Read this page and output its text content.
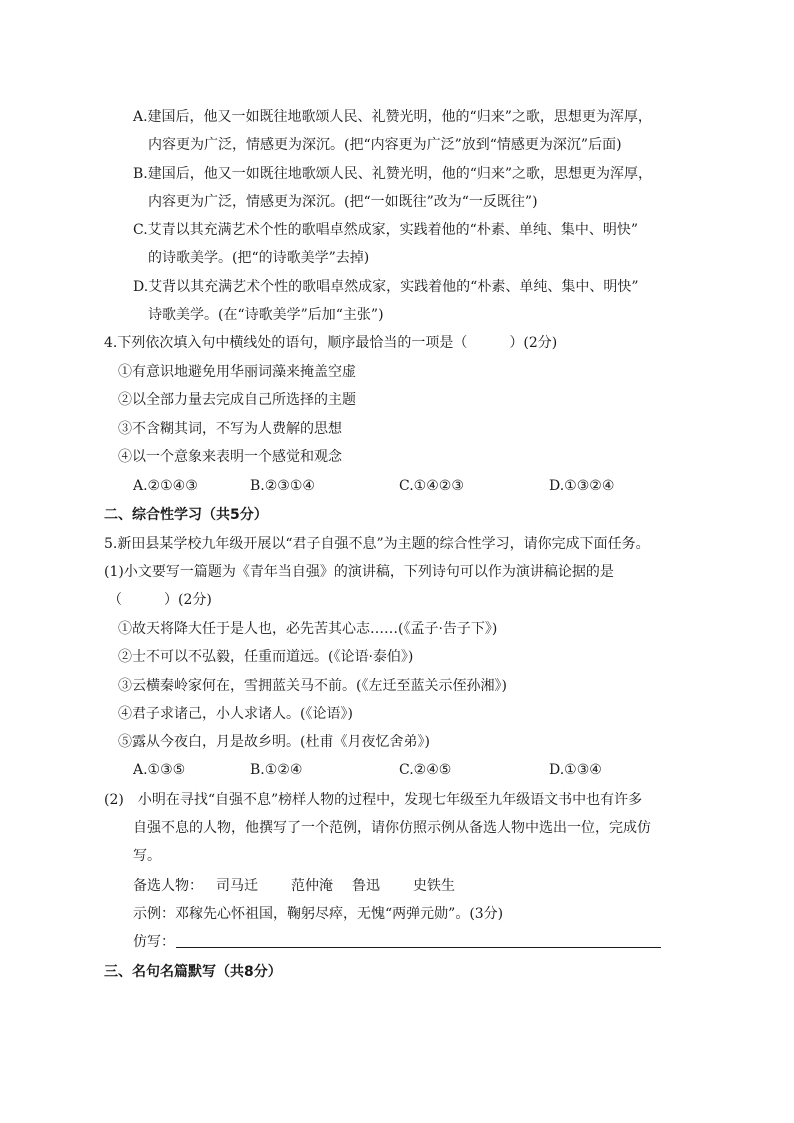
A.建国后，他又一如既往地歌颂人民、礼赞光明，他的“归来”之歌，思想更为浑厚，
内容更为广泛，情感更为深沉。(把“内容更为广泛”放到“情感更为深沉”后面)
B.建国后，他又一如既往地歌颂人民、礼赞光明，他的“归来”之歌，思想更为浑厚，
内容更为广泛，情感更为深沉。(把“一如既往”改为“一反既往”)
C.艾青以其充满艺术个性的歌唱卓然成家，实践着他的“朴素、单纯、集中、明快”
的诗歌美学。(把“的诗歌美学”去掉)
D.艾背以其充满艺术个性的歌唱卓然成家，实践着他的“朴素、单纯、集中、明快”
诗歌美学。(在“诗歌美学”后加“主张”)
4.下列依次填入句中横线处的语句，顺序最恰当的一项是（　　　）(2分)
①有意识地避免用华丽词藻来掩盖空虚
②以全部力量去完成自己所选择的主题
③不含糊其词，不写为人费解的思想
④以一个意象来表明一个感觉和观念
A.②①④③	B.②③①④	C.①④②③	D.①③②④
二、综合性学习（共5分）
5.新田县某学校九年级开展以“君子自强不息”为主题的综合性学习，请你完成下面任务。
(1)小文要写一篇题为《青年当自强》的演讲稿，下列诗句可以作为演讲稿论据的是
（　　　）(2分)
①故天将降大任于是人也，必先苦其心志……(《孟子·告子下》)
②士不可以不弘毅，任重而道远。(《论语·泰伯》)
③云横秦岭家何在，雪拥蓝关马不前。(《左迁至蓝关示侄孙湘》)
④君子求诸己，小人求诸人。(《论语》)
⑤露从今夜白，月是故乡明。(杜甫《月夜忆舍弟》)
A.①③⑤	B.①②④	C.②④⑤	D.①③④
(2)　小明在寻找“自强不息”榜样人物的过程中，发现七年级至九年级语文书中也有许多
自强不息的人物，他撰写了一个范例，请你仿照示例从备选人物中选出一位，完成仿
写。
备选人物： 司马迁 范仲淹 鲁迅 史铁生
示例：邓稼先心怀祖国，鞠躬尽瘁，无愧“两弹元勋”。(3分)
仿写：
三、名句名篇默写（共8分）
